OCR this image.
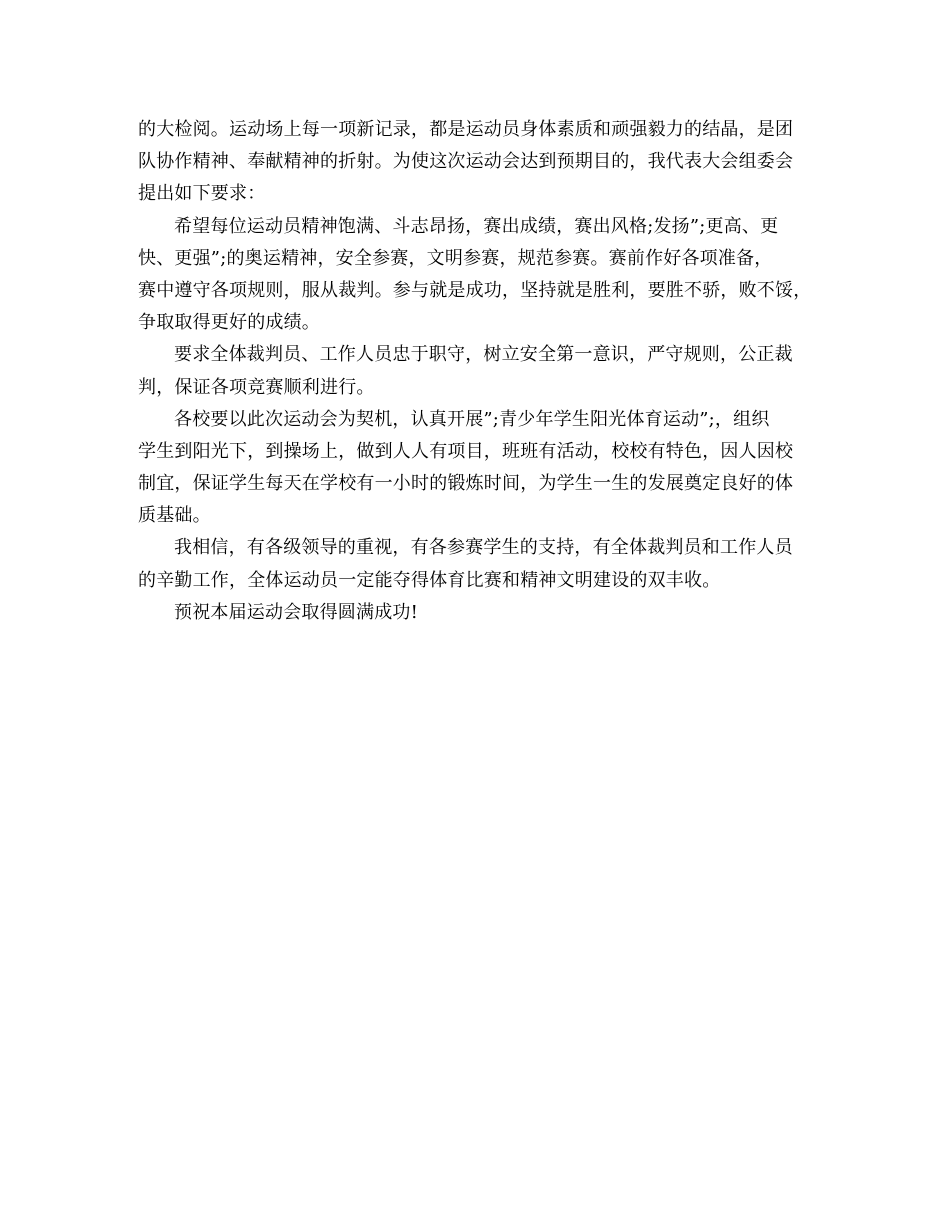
的大检阅。运动场上每一项新记录，都是运动员身体素质和顽强毅力的结晶，是团
队协作精神、奉献精神的折射。为使这次运动会达到预期目的，我代表大会组委会
提出如下要求：
希望每位运动员精神饱满、斗志昂扬，赛出成绩，赛出风格;发扬”;更高、更
快、更强”;的奥运精神，安全参赛，文明参赛，规范参赛。赛前作好各项准备，
赛中遵守各项规则，服从裁判。参与就是成功，坚持就是胜利，要胜不骄，败不馁，
争取取得更好的成绩。
要求全体裁判员、工作人员忠于职守，树立安全第一意识，严守规则，公正裁
判，保证各项竞赛顺利进行。
各校要以此次运动会为契机，认真开展”;青少年学生阳光体育运动”;，组织
学生到阳光下，到操场上，做到人人有项目，班班有活动，校校有特色，因人因校
制宜，保证学生每天在学校有一小时的锻炼时间，为学生一生的发展奠定良好的体
质基础。
我相信，有各级领导的重视，有各参赛学生的支持，有全体裁判员和工作人员
的辛勤工作，全体运动员一定能夺得体育比赛和精神文明建设的双丰收。
预祝本届运动会取得圆满成功!
